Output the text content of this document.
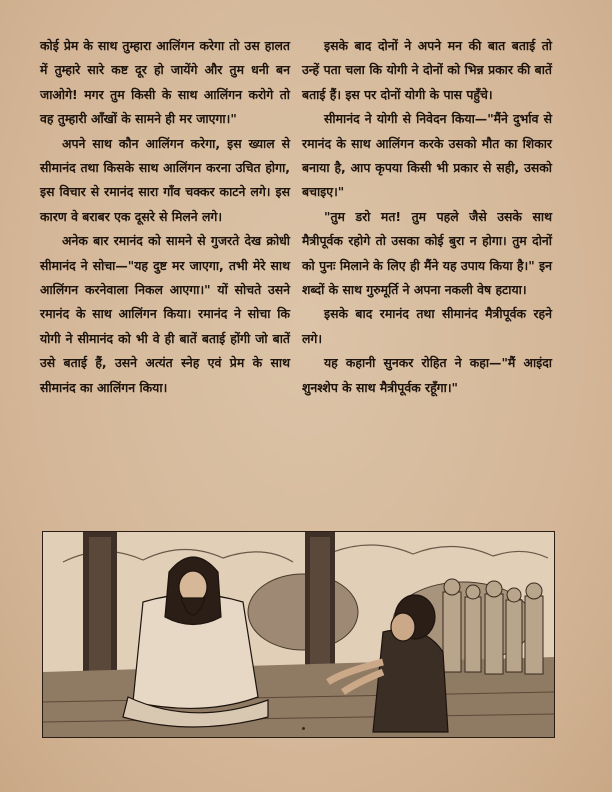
कोई प्रेम के साथ तुम्हारा आलिंगन करेगा तो उस हालत में तुम्हारे सारे कष्ट दूर हो जायेंगे और तुम धनी बन जाओगे! मगर तुम किसी के साथ आलिंगन करोगे तो वह तुम्हारी आँखों के सामने ही मर जाएगा।"

अपने साथ कौन आलिंगन करेगा, इस ख्याल से सीमानंद तथा किसके साथ आलिंगन करना उचित होगा, इस विचार से रमानंद सारा गाँव चक्कर काटने लगे। इस कारण वे बराबर एक दूसरे से मिलने लगे।

अनेक बार रमानंद को सामने से गुजरते देख क्रोधी सीमानंद ने सोचा—"यह दुष्ट मर जाएगा, तभी मेरे साथ आलिंगन करनेवाला निकल आएगा।" यों सोचते उसने रमानंद के साथ आलिंगन किया। रमानंद ने सोचा कि योगी ने सीमानंद को भी वे ही बातें बताई होंगी जो बातें उसे बताई हैं, उसने अत्यंत स्नेह एवं प्रेम के साथ सीमानंद का आलिंगन किया।

इसके बाद दोनों ने अपने मन की बात बताई तो उन्हें पता चला कि योगी ने दोनों को भिन्न प्रकार की बातें बताई हैं। इस पर दोनों योगी के पास पहुँचे।

सीमानंद ने योगी से निवेदन किया—"मैंने दुर्भाव से रमानंद के साथ आलिंगन करके उसको मौत का शिकार बनाया है, आप कृपया किसी भी प्रकार से सही, उसको बचाइए।"

"तुम डरो मत! तुम पहले जैसे उसके साथ मैत्रीपूर्वक रहोगे तो उसका कोई बुरा न होगा। तुम दोनों को पुनः मिलाने के लिए ही मैंने यह उपाय किया है।" इन शब्दों के साथ गुरुमूर्ति ने अपना नकली वेष हटाया।

इसके बाद रमानंद तथा सीमानंद मैत्रीपूर्वक रहने लगे।

यह कहानी सुनकर रोहित ने कहा—"मैं आइंदा शुनश्शेप के साथ मैत्रीपूर्वक रहूँगा।"
